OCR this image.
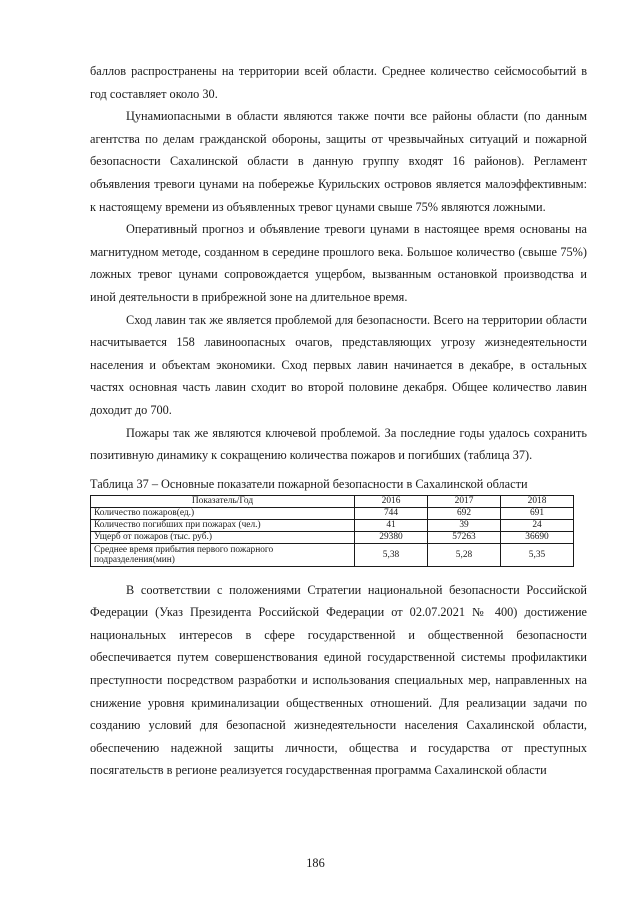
баллов распространены на территории всей области. Среднее количество сейсмособытий в год составляет около 30.

Цунамиопасными в области являются также почти все районы области (по данным агентства по делам гражданской обороны, защиты от чрезвычайных ситуаций и пожарной безопасности Сахалинской области в данную группу входят 16 районов). Регламент объявления тревоги цунами на побережье Курильских островов является малоэффективным: к настоящему времени из объявленных тревог цунами свыше 75% являются ложными.

Оперативный прогноз и объявление тревоги цунами в настоящее время основаны на магнитудном методе, созданном в середине прошлого века. Большое количество (свыше 75%) ложных тревог цунами сопровождается ущербом, вызванным остановкой производства и иной деятельности в прибрежной зоне на длительное время.

Сход лавин так же является проблемой для безопасности. Всего на территории области насчитывается 158 лавиноопасных очагов, представляющих угрозу жизнедеятельности населения и объектам экономики. Сход первых лавин начинается в декабре, в остальных частях основная часть лавин сходит во второй половине декабря. Общее количество лавин доходит до 700.

Пожары так же являются ключевой проблемой. За последние годы удалось сохранить позитивную динамику к сокращению количества пожаров и погибших (таблица 37).

Таблица 37 – Основные показатели пожарной безопасности в Сахалинской области
Показатель/Год	2016	2017	2018
Количество пожаров(ед.)	744	692	691
Количество погибших при пожарах (чел.)	41	39	24
Ущерб от пожаров (тыс. руб.)	29380	57263	36690
Среднее время прибытия первого пожарного подразделения(мин)	5,38	5,28	5,35

В соответствии с положениями Стратегии национальной безопасности Российской Федерации (Указ Президента Российской Федерации от 02.07.2021 № 400) достижение национальных интересов в сфере государственной и общественной безопасности обеспечивается путем совершенствования единой государственной системы профилактики преступности посредством разработки и использования специальных мер, направленных на снижение уровня криминализации общественных отношений. Для реализации задачи по созданию условий для безопасной жизнедеятельности населения Сахалинской области, обеспечению надежной защиты личности, общества и государства от преступных посягательств в регионе реализуется государственная программа Сахалинской области

186
